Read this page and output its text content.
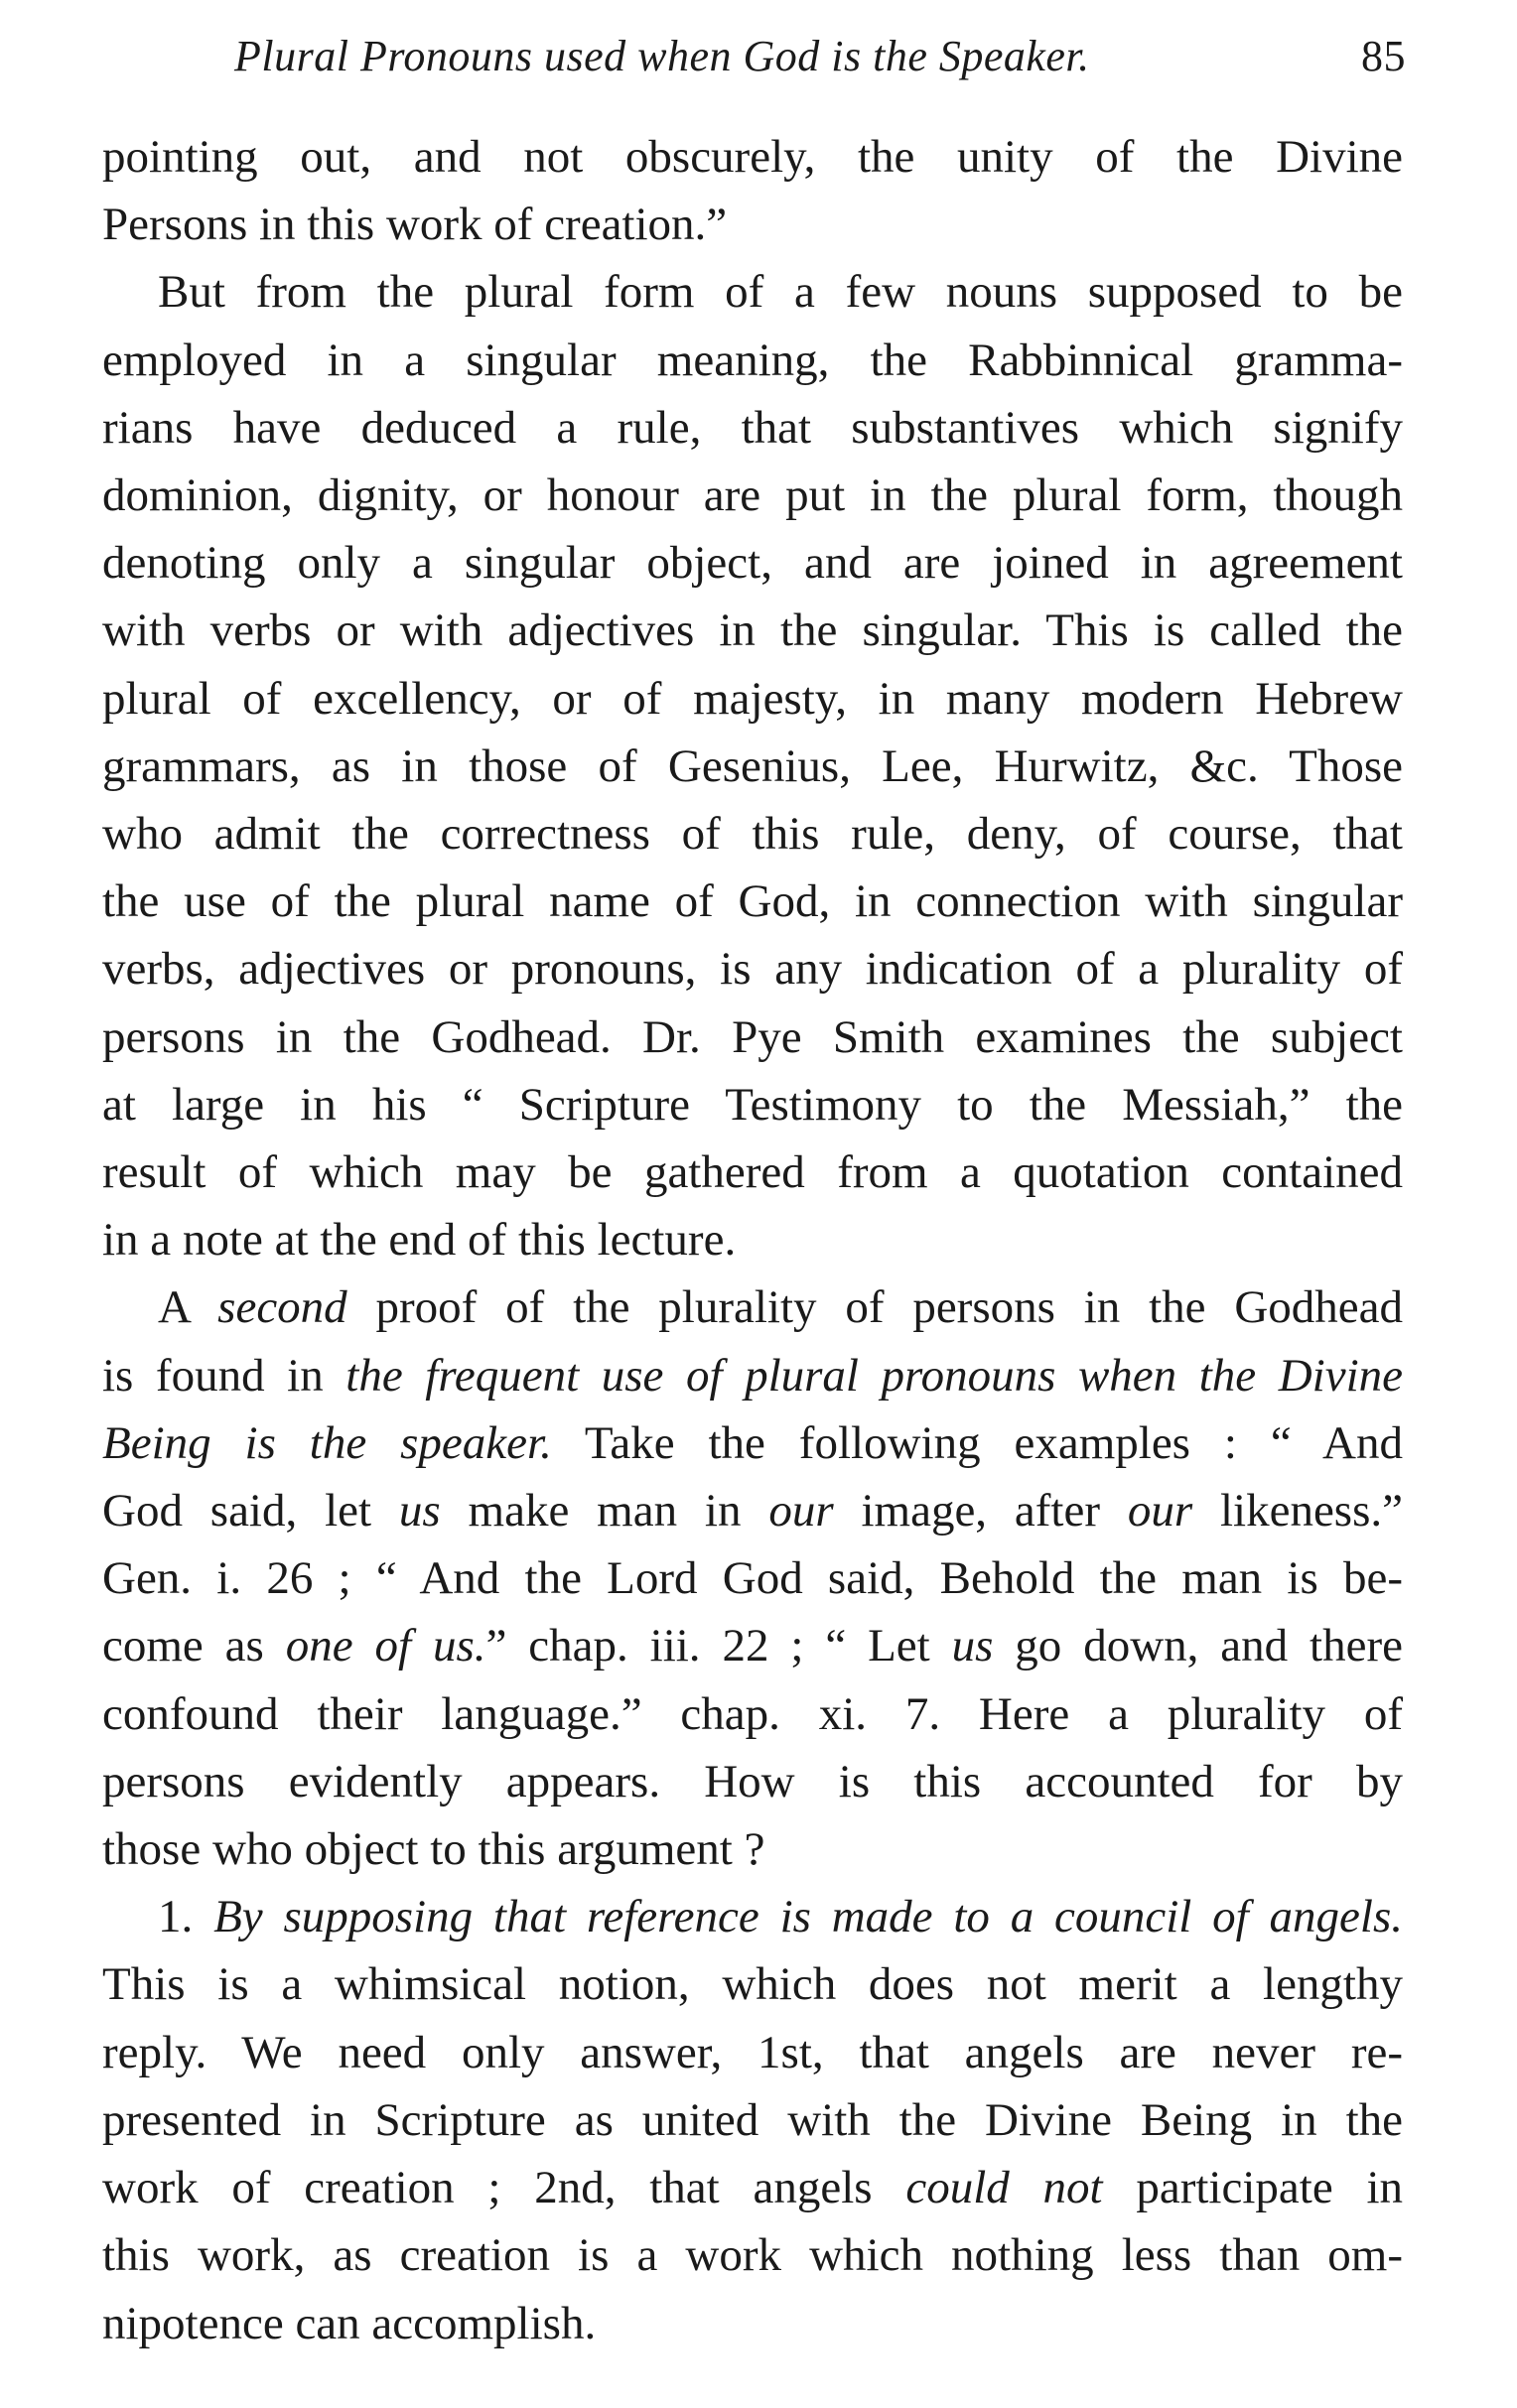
Plural Pronouns used when God is the Speaker.	85
pointing out, and not obscurely, the unity of the Divine
Persons in this work of creation.”
But from the plural form of a few nouns supposed to be
employed in a singular meaning, the Rabbinnical gramma-
rians have deduced a rule, that substantives which signify
dominion, dignity, or honour are put in the plural form, though
denoting only a singular object, and are joined in agreement
with verbs or with adjectives in the singular. This is called the
plural of excellency, or of majesty, in many modern Hebrew
grammars, as in those of Gesenius, Lee, Hurwitz, &c. Those
who admit the correctness of this rule, deny, of course, that
the use of the plural name of God, in connection with singular
verbs, adjectives or pronouns, is any indication of a plurality of
persons in the Godhead. Dr. Pye Smith examines the subject
at large in his “ Scripture Testimony to the Messiah,” the
result of which may be gathered from a quotation contained
in a note at the end of this lecture.
A second proof of the plurality of persons in the Godhead
is found in the frequent use of plural pronouns when the Divine
Being is the speaker. Take the following examples : “ And
God said, let us make man in our image, after our likeness.”
Gen. i. 26 ; “ And the Lord God said, Behold the man is be-
come as one of us.” chap. iii. 22 ; “ Let us go down, and there
confound their language.” chap. xi. 7. Here a plurality of
persons evidently appears. How is this accounted for by
those who object to this argument ?
1. By supposing that reference is made to a council of angels.
This is a whimsical notion, which does not merit a lengthy
reply. We need only answer, 1st, that angels are never re-
presented in Scripture as united with the Divine Being in the
work of creation ; 2nd, that angels could not participate in
this work, as creation is a work which nothing less than om-
nipotence can accomplish.
